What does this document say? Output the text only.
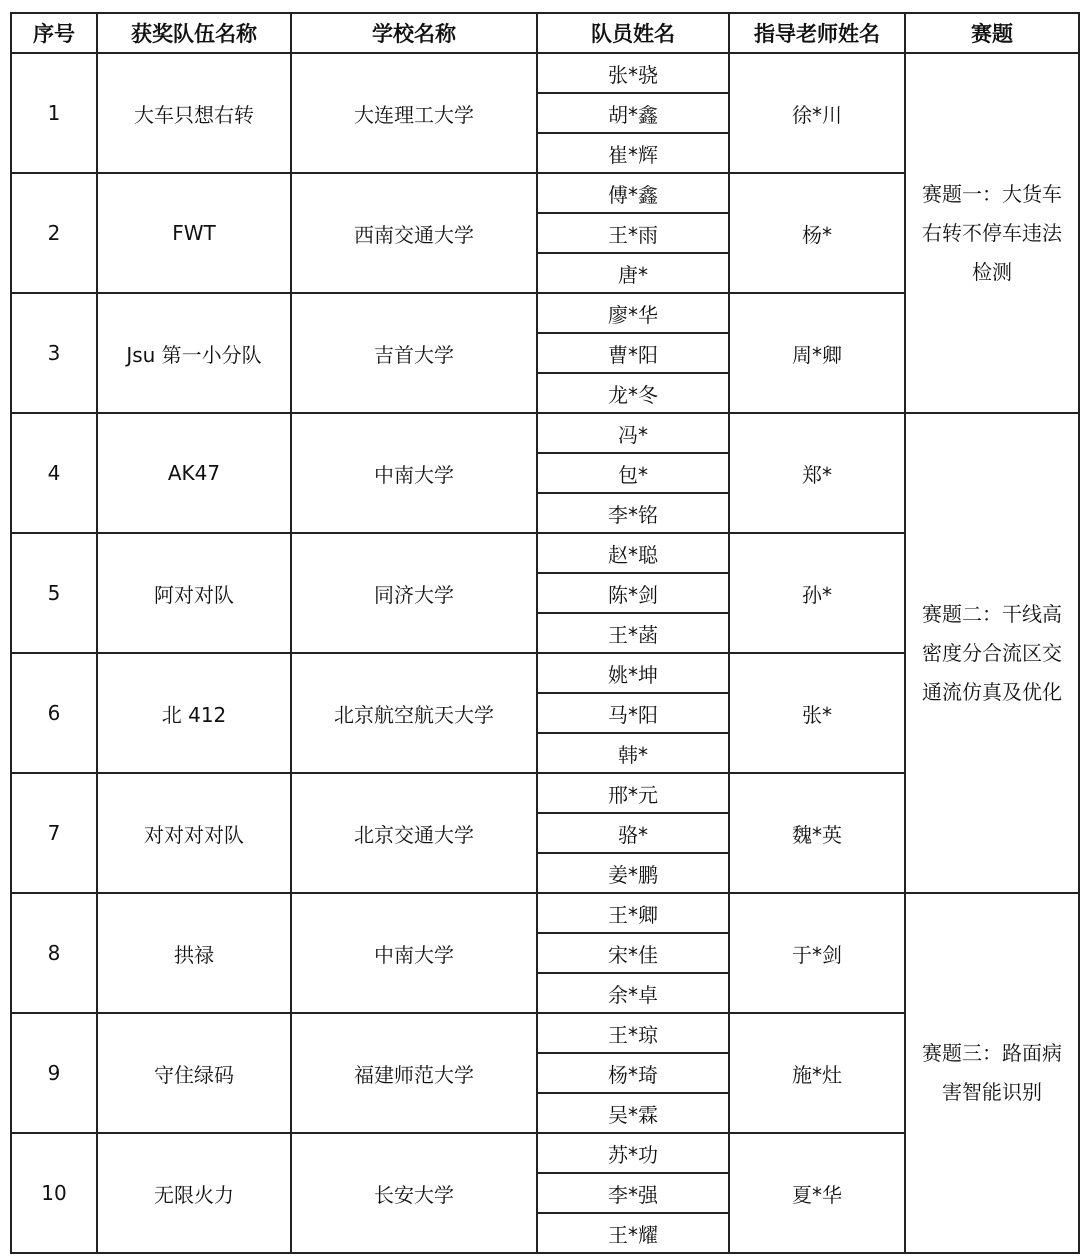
序号	获奖队伍名称	学校名称	队员姓名	指导老师姓名	赛题
1	大车只想右转	大连理工大学	张*骁	徐*川	赛题一：大货车右转不停车违法检测
			胡*鑫		
			崔*辉		
2	FWT	西南交通大学	傅*鑫	杨*	
			王*雨		
			唐*		
3	Jsu 第一小分队	吉首大学	廖*华	周*卿	
			曹*阳		
			龙*冬		
4	AK47	中南大学	冯*	郑*	赛题二：干线高密度分合流区交通流仿真及优化
			包*		
			李*铭		
5	阿对对队	同济大学	赵*聪	孙*	
			陈*剑		
			王*菡		
6	北 412	北京航空航天大学	姚*坤	张*	
			马*阳		
			韩*		
7	对对对对队	北京交通大学	邢*元	魏*英	
			骆*		
			姜*鹏		
8	拱禄	中南大学	王*卿	于*剑	赛题三：路面病害智能识别
			宋*佳		
			余*卓		
9	守住绿码	福建师范大学	王*琼	施*灶	
			杨*琦		
			吴*霖		
10	无限火力	长安大学	苏*功	夏*华	
			李*强		
			王*耀		
